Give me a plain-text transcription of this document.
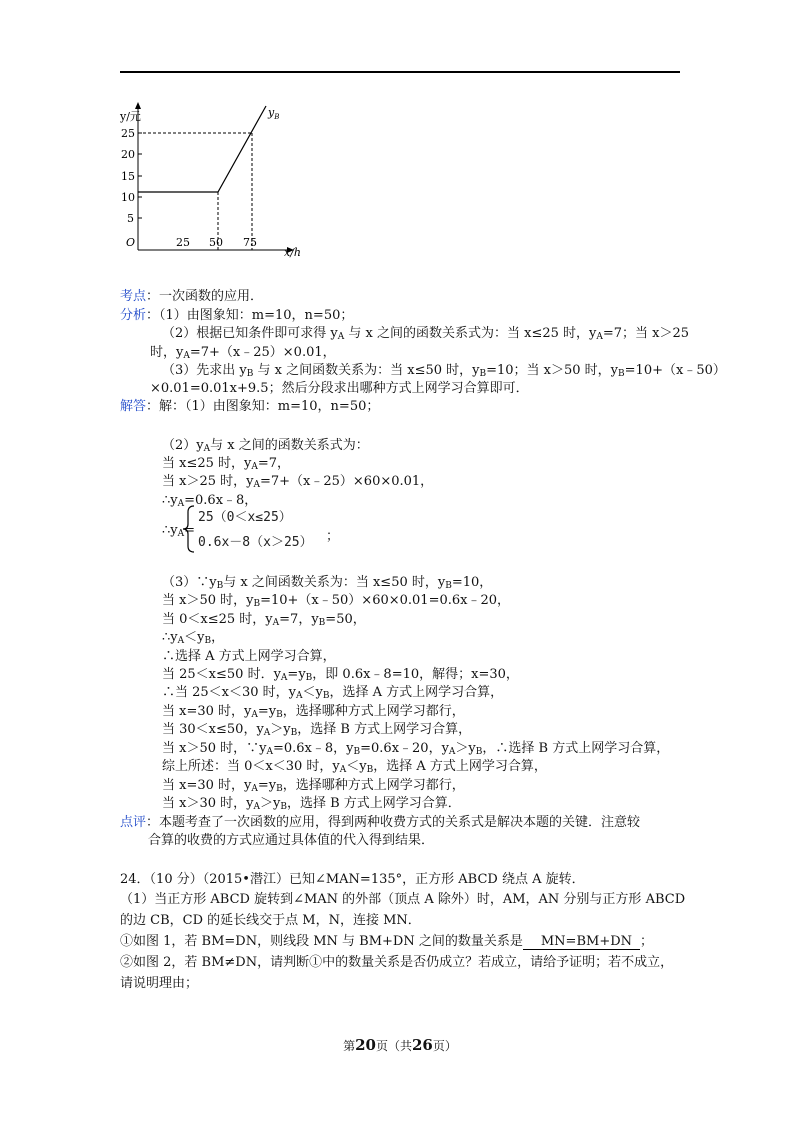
y/元
25
20
15
10
5
O	25 50 75
x/h
$y_B$
考点：一次函数的应用．
分析：（1）由图象知：m=10，n=50；
（2）根据已知条件即可求得 $y_A$ 与 x 之间的函数关系式为：当 x≤25 时，$y_A=7$；当 x＞25
时，$y_A=7+(x﹣25)\times 0.01$，
（3）先求出 $y_B$ 与 x 之间函数关系为：当 x≤50 时，$y_B=10$；当 x＞50 时，$y_B=10+(x﹣50)$
×0.01=0.01x+9.5；然后分段求出哪种方式上网学习合算即可．
解答：解：（1）由图象知：m=10，n=50；
$(2)y_A$与 x 之间的函数关系式为：
当 x≤25 时，$y_A=7$，
当 x＞25 时，$y_A=7+(x﹣25)\times 60\times 0.01$，
$\therefore y_A=0.6x﹣8$，
$\therefore y_A=$
25（0＜x≤25）
0.6x－8（x＞25） ；
$(3)\because y_B$与 x 之间函数关系为：当 x≤50 时，$y_B=10$，
当 x＞50 时，$y_B=10+(x﹣50)\times 60\times 0.01=0.6x﹣20$，
当 0＜x≤25 时，$y_A=7$，$y_B=50$，
$\therefore y_A<y_B$，
∴选择 A 方式上网学习合算，
当 25＜x≤50 时．$y_A=y_B$，即 0.6x﹣8=10，解得；x=30，
∴当 25＜x＜30 时，$y_A<y_B$，选择 A 方式上网学习合算，
当 x=30 时，$y_A=y_B$，选择哪种方式上网学习都行，
当 30＜x≤50，$y_A>y_B$，选择 B 方式上网学习合算，
当 x＞50 时，$\because y_A=0.6x﹣8$，$y_B=0.6x﹣20$，$y_A>y_B$，∴选择 B 方式上网学习合算，
综上所述：当 0＜x＜30 时，$y_A<y_B$，选择 A 方式上网学习合算，
当 x=30 时，$y_A=y_B$，选择哪种方式上网学习都行，
当 x＞30 时，$y_A>y_B$，选择 B 方式上网学习合算．
点评：本题考查了一次函数的应用，得到两种收费方式的关系式是解决本题的关键．注意较
合算的收费的方式应通过具体值的代入得到结果．
24．（10 分）（2015•潜江）已知∠MAN=135°，正方形 ABCD 绕点 A 旋转．
（1）当正方形 ABCD 旋转到∠MAN 的外部（顶点 A 除外）时，AM，AN 分别与正方形 ABCD
的边 CB，CD 的延长线交于点 M，N，连接 MN．
①如图 1，若 BM=DN，则线段 MN 与 BM+DN 之间的数量关系是 MN=BM+DN ；
②如图 2，若 BM≠DN，请判断①中的数量关系是否仍成立？若成立，请给予证明；若不成立，
请说明理由；
第20页（共26页）
